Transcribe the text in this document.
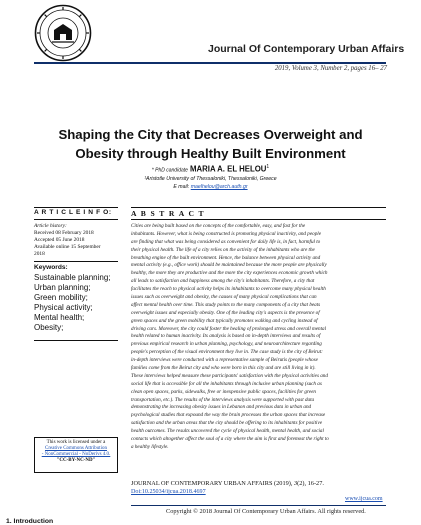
Journal Of Contemporary Urban Affairs
2019, Volume 3, Number 2, pages 16– 27
Shaping the City that Decreases Overweight and
Obesity through Healthy Built Environment
* PhD candidate MARIA A. EL HELOU$^1$
¹Aristotle University of Thessaloniki, Thessaloniki, Greece
E mail: maelhelou@arch.auth.gr
A R T I C L E I N F O:
Article history:
Received 08 February 2018
Accepted 05 June 2018
Available online 15 September
2018
Keywords:
Sustainable planning;
Urban planning;
Green mobility;
Physical activity;
Mental health;
Obesity;
This work is licensed under a
Creative Commons Attribution
- NonCommercial - NoDerivs 4.0.
"CC-BY-NC-ND"
A B S T R A C T
Cities are being built based on the concepts of the comfortable, easy, and fast for the
inhabitants. However, what is being constructed is promoting physical inactivity, and people
are finding that what was being considered as convenient for daily life is, in fact, harmful to
their physical health. The life of a city relies on the activity of the inhabitants who are the
breathing engine of the built environment. Hence, the balance between physical activity and
mental activity (e.g., office work) should be maintained because the more people are physically
healthy, the more they are productive and the more the city experiences economic growth which
all leads to satisfaction and happiness among the city's inhabitants. Therefore, a city that
facilitates the reach to physical activity helps its inhabitants to overcome many physical health
issues such as overweight and obesity, the causes of many physical complications that can
affect mental health over time. This study points to the many components of a city that beats
overweight issues and especially obesity. One of the leading city's aspects is the presence of
green spaces and the green mobility that typically promotes walking and cycling instead of
driving cars. Moreover, the city could foster the healing of prolonged stress and overall mental
health related to human inactivity. Its analysis is based on in-depth interviews and results of
previous empirical research in urban planning, psychology, and neuroarchitecture regarding
people's perception of the visual environment they live in. The case study is the city of Beirut:
in-depth interviews were conducted with a representative sample of Beirutis (people whose
families come from the Beirut city and who were born in this city and are still living in it).
These interviews helped measure these participants' satisfaction with the physical activities and
social life that is accessible for all the inhabitants through inclusive urban planning (such as
clean open spaces, parks, sidewalks, free or inexpensive public spaces, facilities for green
transportation, etc.). The results of the interviews analysis were supported with past data
demonstrating the increasing obesity issues in Lebanon and previous data in urban and
psychological studies that expound the way the brain processes the urban spaces that increase
satisfaction and the urban areas that the city should be offering to its inhabitants for positive
health outcomes. The results uncovered the cycle of physical health, mental health, and social
contacts which altogether affect the soul of a city where the aim is first and foremost the right to
a healthy lifestyle.
JOURNAL OF CONTEMPORARY URBAN AFFAIRS (2019), 3(2), 16-27.
Doi:10.25034/ijcua.2018.4697
www.ijcua.com
Copyright © 2018 Journal Of Contemporary Urban Affairs. All rights reserved.
1. Introduction
